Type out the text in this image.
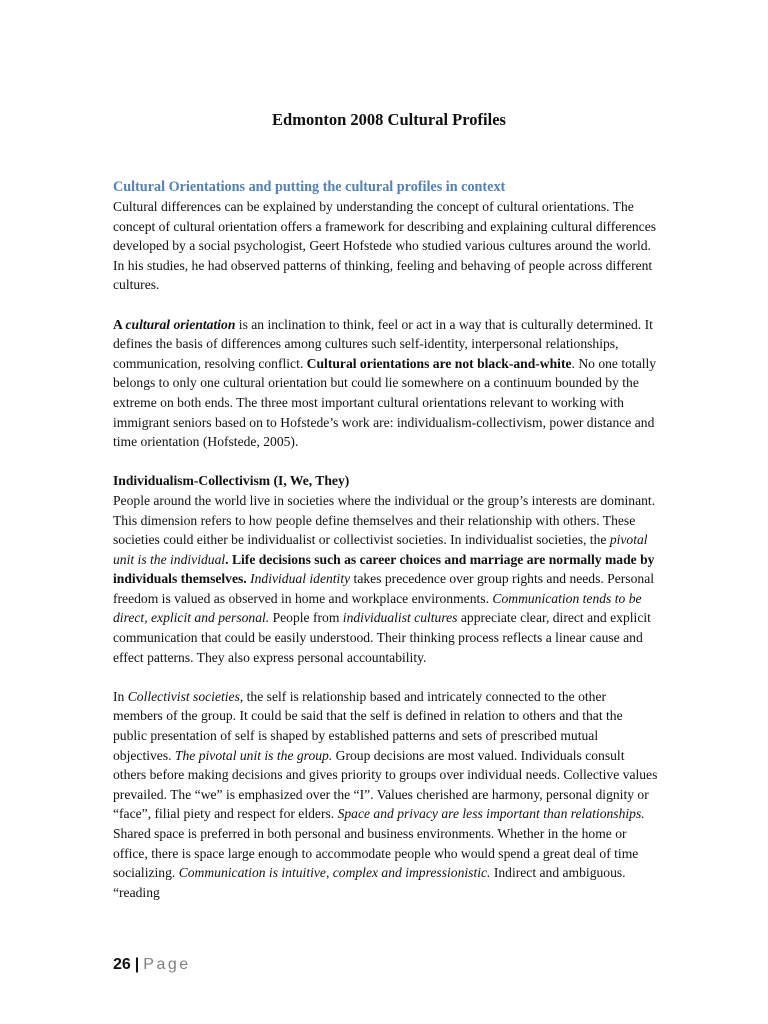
Edmonton 2008 Cultural Profiles
Cultural Orientations and putting the cultural profiles in context

Cultural differences can be explained by understanding the concept of cultural orientations. The concept of cultural orientation offers a framework for describing and explaining cultural differences developed by a social psychologist, Geert Hofstede who studied various cultures around the world. In his studies, he had observed patterns of thinking, feeling and behaving of people across different cultures.

A cultural orientation is an inclination to think, feel or act in a way that is culturally determined. It defines the basis of differences among cultures such self-identity, interpersonal relationships, communication, resolving conflict. Cultural orientations are not black-and-white. No one totally belongs to only one cultural orientation but could lie somewhere on a continuum bounded by the extreme on both ends. The three most important cultural orientations relevant to working with immigrant seniors based on to Hofstede’s work are: individualism-collectivism, power distance and time orientation (Hofstede, 2005).

Individualism-Collectivism (I, We, They)

People around the world live in societies where the individual or the group’s interests are dominant. This dimension refers to how people define themselves and their relationship with others. These societies could either be individualist or collectivist societies. In individualist societies, the pivotal unit is the individual. Life decisions such as career choices and marriage are normally made by individuals themselves. Individual identity takes precedence over group rights and needs. Personal freedom is valued as observed in home and workplace environments. Communication tends to be direct, explicit and personal. People from individualist cultures appreciate clear, direct and explicit communication that could be easily understood. Their thinking process reflects a linear cause and effect patterns. They also express personal accountability.

In Collectivist societies, the self is relationship based and intricately connected to the other members of the group. It could be said that the self is defined in relation to others and that the public presentation of self is shaped by established patterns and sets of prescribed mutual objectives. The pivotal unit is the group. Group decisions are most valued. Individuals consult others before making decisions and gives priority to groups over individual needs. Collective values prevailed. The “we” is emphasized over the “I”. Values cherished are harmony, personal dignity or “face”, filial piety and respect for elders. Space and privacy are less important than relationships. Shared space is preferred in both personal and business environments. Whether in the home or office, there is space large enough to accommodate people who would spend a great deal of time socializing. Communication is intuitive, complex and impressionistic. Indirect and ambiguous. “reading

26 | Page
